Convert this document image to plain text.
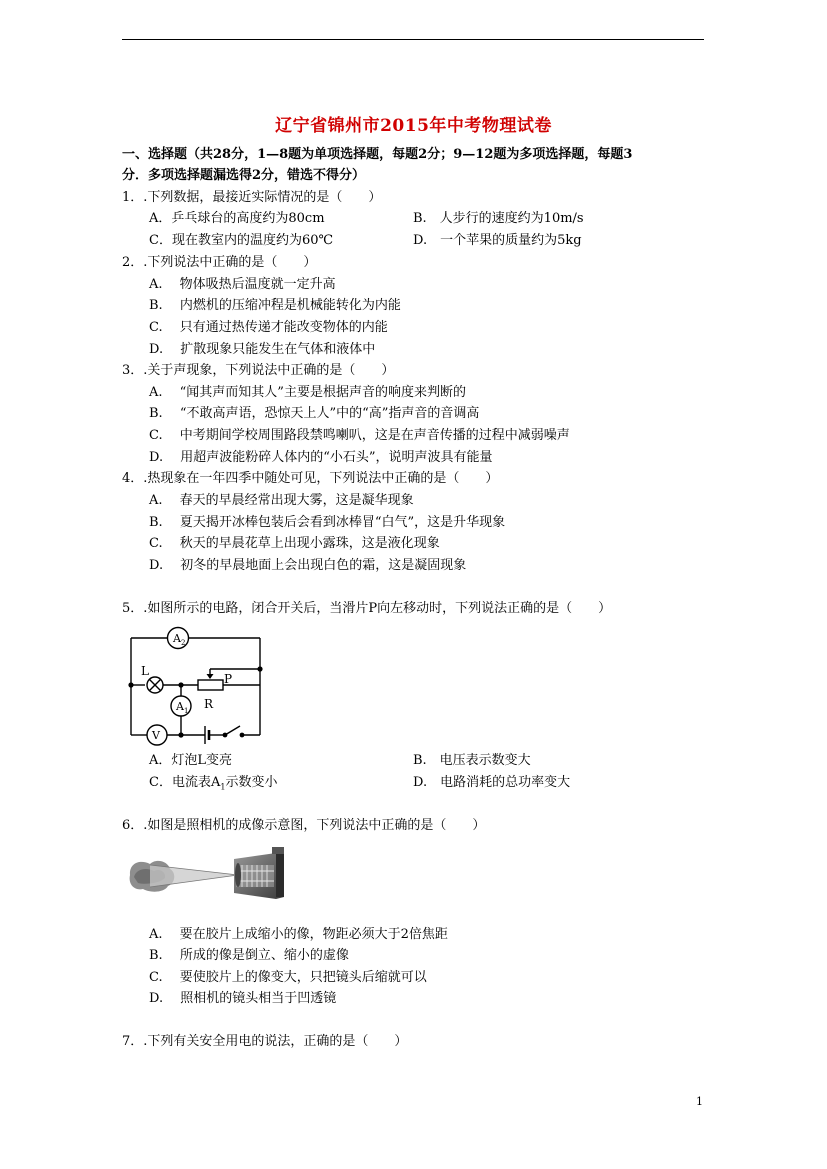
辽宁省锦州市2015年中考物理试卷
一、选择题（共28分，1—8题为单项选择题，每题2分；9—12题为多项选择题，每题3
分．多项选择题漏选得2分，错选不得分）
1．.下列数据，最接近实际情况的是（　　）
A．乒乓球台的高度约为80cm	B.　人步行的速度约为10m/s
C．现在教室内的温度约为60℃	D.　一个苹果的质量约为5kg
2．.下列说法中正确的是（　　）
A.　 物体吸热后温度就一定升高
B.　 内燃机的压缩冲程是机械能转化为内能
C.　 只有通过热传递才能改变物体的内能
D.　 扩散现象只能发生在气体和液体中
3．.关于声现象，下列说法中正确的是（　　）
A.　 “闻其声而知其人”主要是根据声音的响度来判断的
B.　 “不敢高声语，恐惊天上人”中的“高”指声音的音调高
C.　 中考期间学校周围路段禁鸣喇叭，这是在声音传播的过程中减弱噪声
D.　 用超声波能粉碎人体内的“小石头”，说明声波具有能量
4．.热现象在一年四季中随处可见，下列说法中正确的是（　　）
A.　 春天的早晨经常出现大雾，这是凝华现象
B.　 夏天揭开冰棒包装后会看到冰棒冒“白气”，这是升华现象
C.　 秋天的早晨花草上出现小露珠，这是液化现象
D.　 初冬的早晨地面上会出现白色的霜，这是凝固现象
5．.如图所示的电路，闭合开关后，当滑片P向左移动时，下列说法正确的是（　　）
A 2
A 1
V
L
P
R
A．灯泡L变亮	B.　电压表示数变大
C．电流表$A_1$示数变小	D.　电路消耗的总功率变大
6．.如图是照相机的成像示意图，下列说法中正确的是（　　）
A.　 要在胶片上成缩小的像，物距必须大于2倍焦距
B.　 所成的像是倒立、缩小的虚像
C.　 要使胶片上的像变大，只把镜头后缩就可以
D.　 照相机的镜头相当于凹透镜
7．.下列有关安全用电的说法，正确的是（　　）
1
